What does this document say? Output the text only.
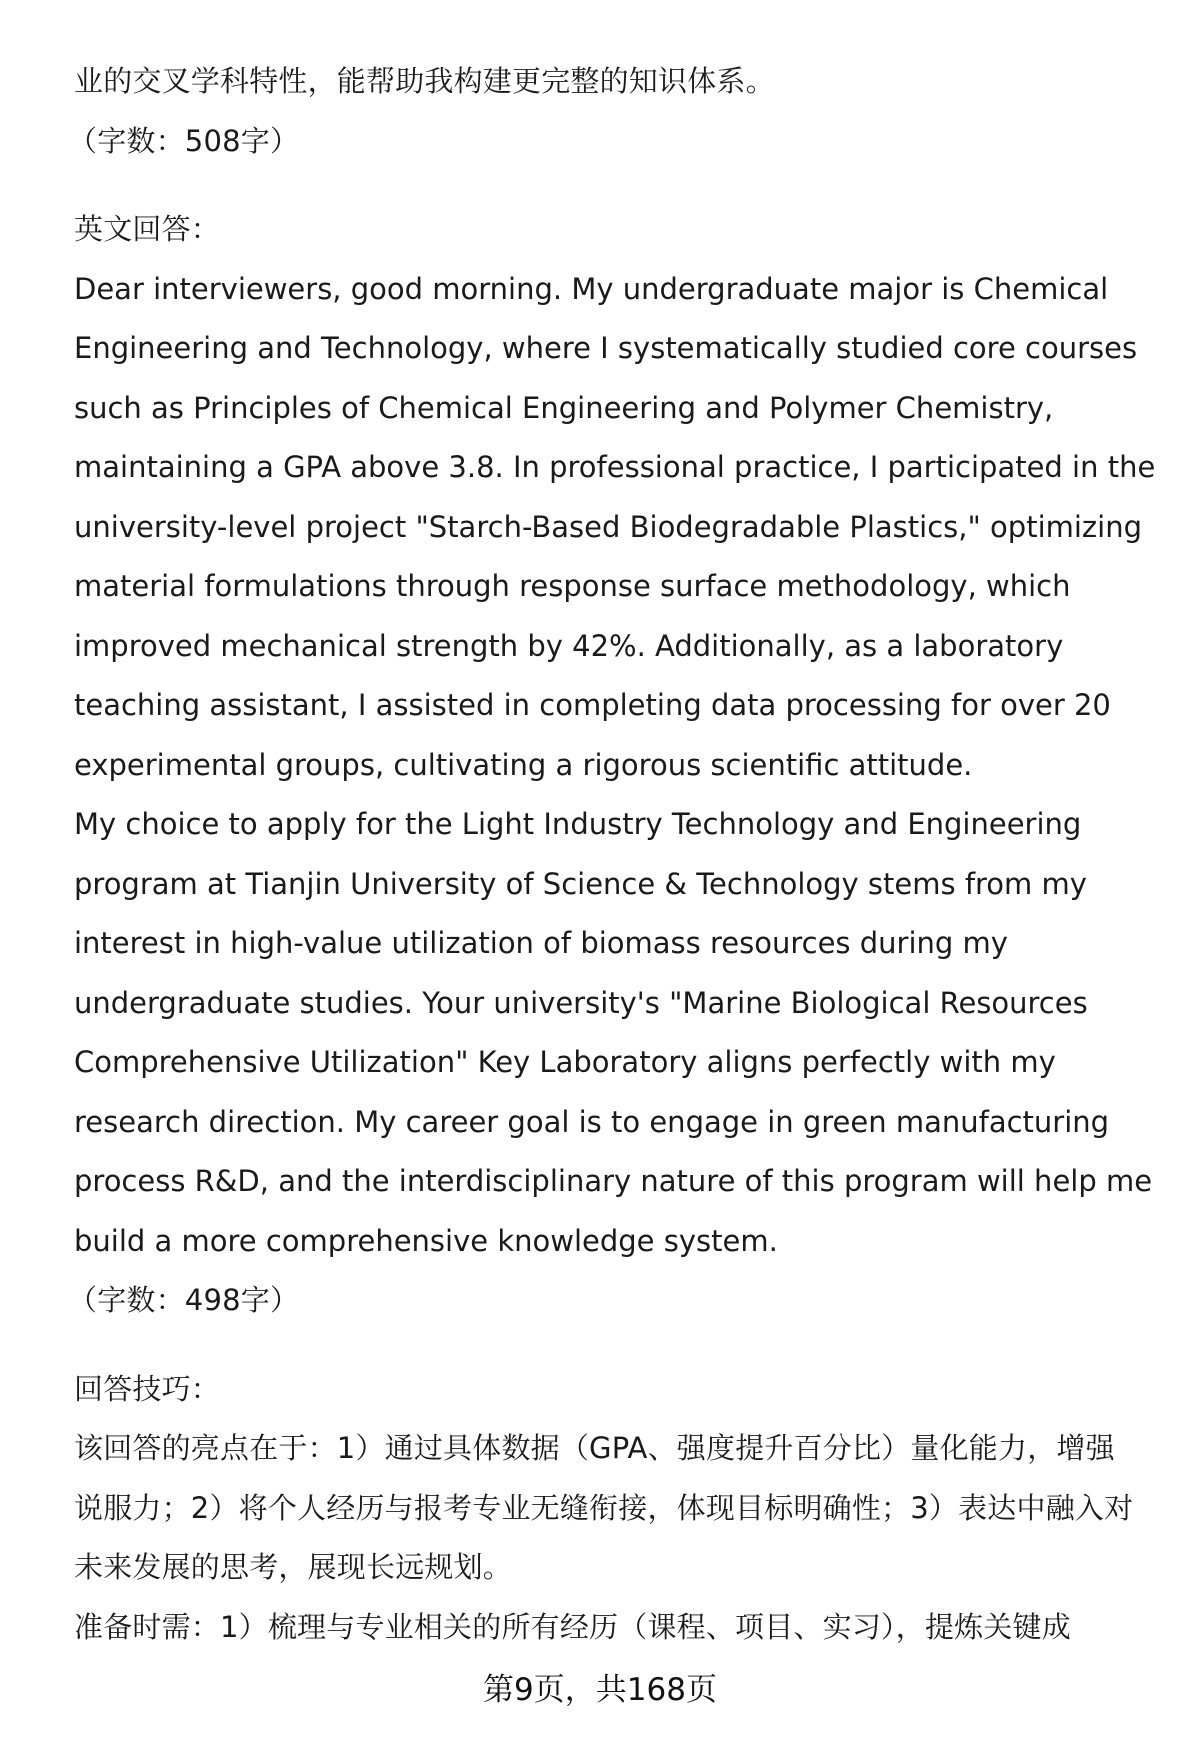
业的交叉学科特性，能帮助我构建更完整的知识体系。
（字数：508字）
英文回答：
Dear interviewers, good morning. My undergraduate major is Chemical
Engineering and Technology, where I systematically studied core courses
such as Principles of Chemical Engineering and Polymer Chemistry,
maintaining a GPA above 3.8. In professional practice, I participated in the
university-level project "Starch-Based Biodegradable Plastics," optimizing
material formulations through response surface methodology, which
improved mechanical strength by 42%. Additionally, as a laboratory
teaching assistant, I assisted in completing data processing for over 20
experimental groups, cultivating a rigorous scientific attitude.
My choice to apply for the Light Industry Technology and Engineering
program at Tianjin University of Science & Technology stems from my
interest in high-value utilization of biomass resources during my
undergraduate studies. Your university's "Marine Biological Resources
Comprehensive Utilization" Key Laboratory aligns perfectly with my
research direction. My career goal is to engage in green manufacturing
process R&D, and the interdisciplinary nature of this program will help me
build a more comprehensive knowledge system.
（字数：498字）
回答技巧：
该回答的亮点在于：1）通过具体数据（GPA、强度提升百分比）量化能力，增强
说服力；2）将个人经历与报考专业无缝衔接，体现目标明确性；3）表达中融入对
未来发展的思考，展现长远规划。
准备时需：1）梳理与专业相关的所有经历（课程、项目、实习），提炼关键成
第9页，共168页
